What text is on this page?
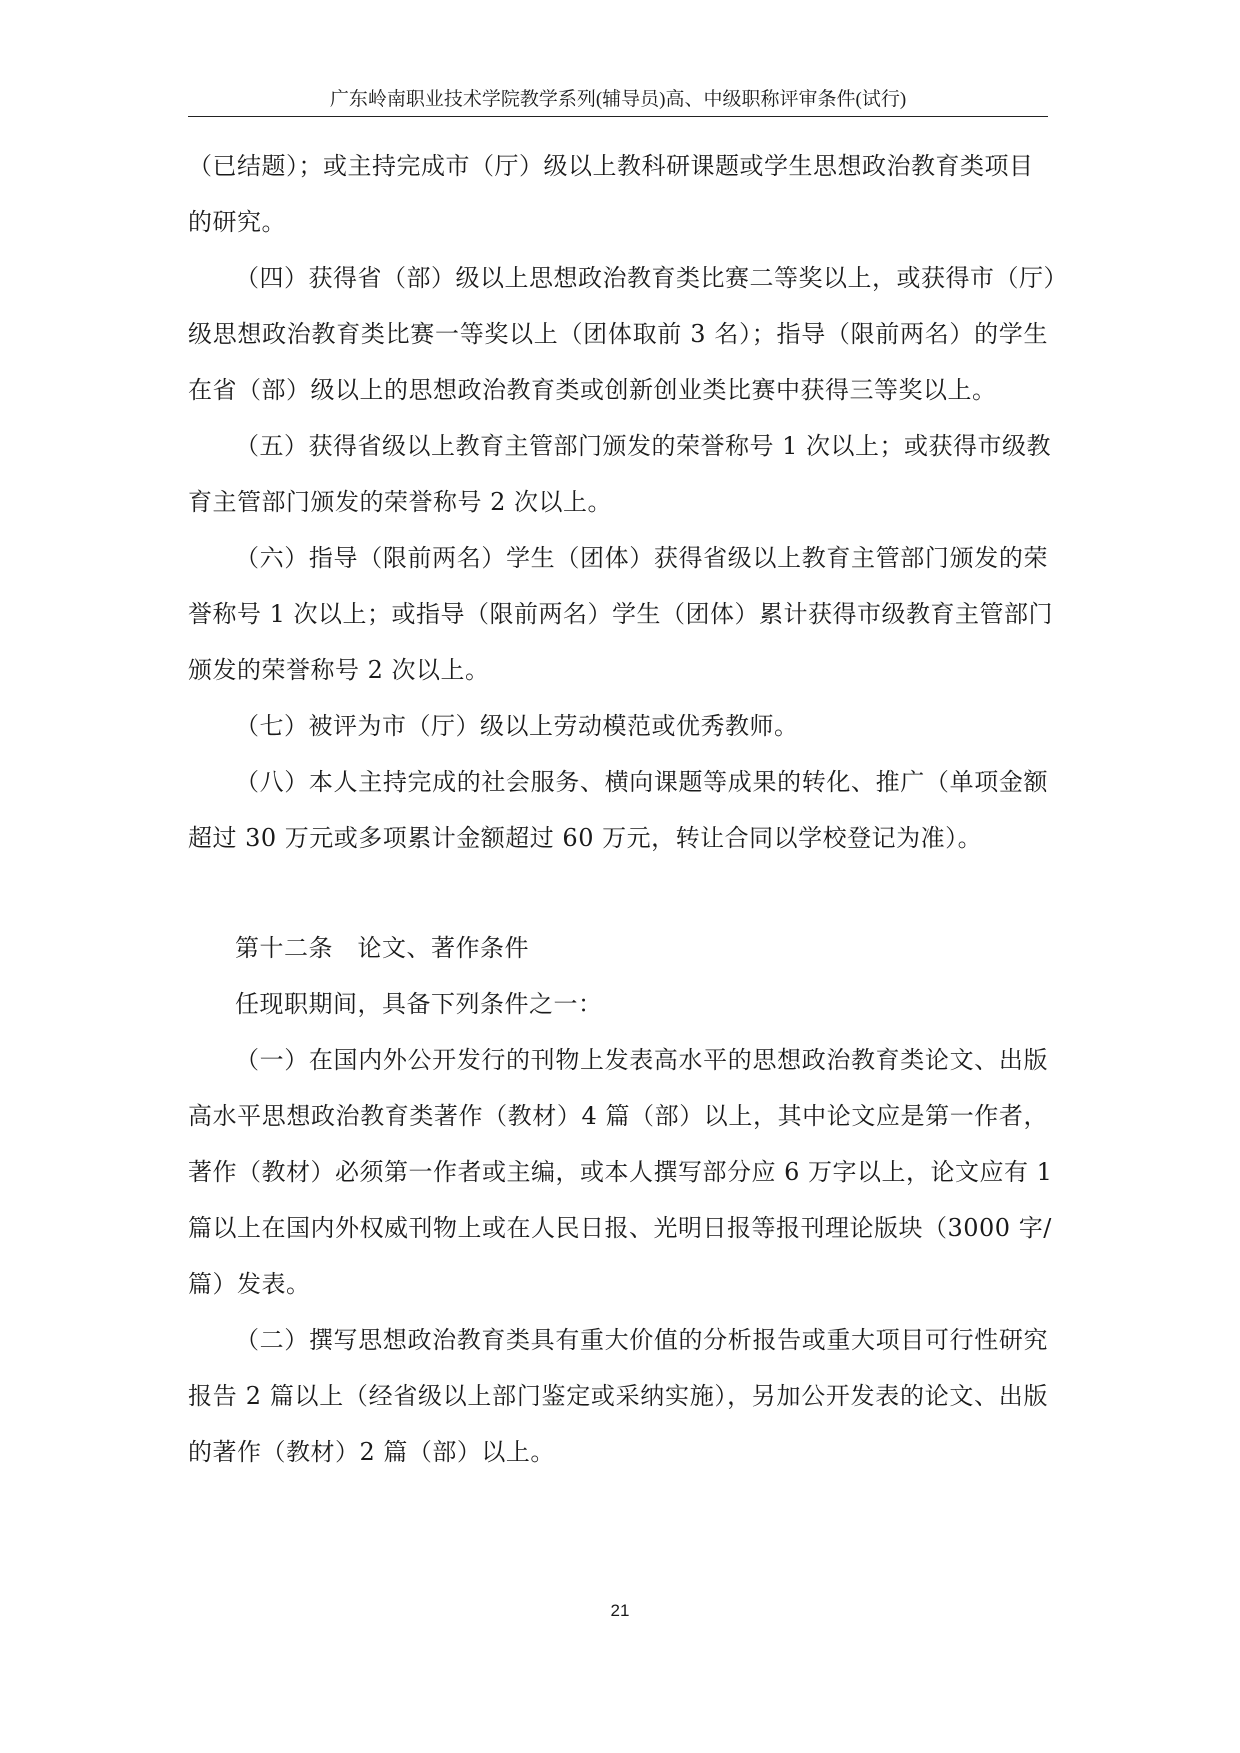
广东岭南职业技术学院教学系列(辅导员)高、中级职称评审条件(试行)
（已结题）；或主持完成市（厅）级以上教科研课题或学生思想政治教育类项目
的研究。
（四）获得省（部）级以上思想政治教育类比赛二等奖以上，或获得市（厅）
级思想政治教育类比赛一等奖以上（团体取前 3 名）；指导（限前两名）的学生
在省（部）级以上的思想政治教育类或创新创业类比赛中获得三等奖以上。
（五）获得省级以上教育主管部门颁发的荣誉称号 1 次以上；或获得市级教
育主管部门颁发的荣誉称号 2 次以上。
（六）指导（限前两名）学生（团体）获得省级以上教育主管部门颁发的荣
誉称号 1 次以上；或指导（限前两名）学生（团体）累计获得市级教育主管部门
颁发的荣誉称号 2 次以上。
（七）被评为市（厅）级以上劳动模范或优秀教师。
（八）本人主持完成的社会服务、横向课题等成果的转化、推广（单项金额
超过 30 万元或多项累计金额超过 60 万元，转让合同以学校登记为准）。
第十二条　论文、著作条件
任现职期间，具备下列条件之一：
（一）在国内外公开发行的刊物上发表高水平的思想政治教育类论文、出版
高水平思想政治教育类著作（教材）4 篇（部）以上，其中论文应是第一作者，
著作（教材）必须第一作者或主编，或本人撰写部分应 6 万字以上，论文应有 1
篇以上在国内外权威刊物上或在人民日报、光明日报等报刊理论版块（3000 字/
篇）发表。
（二）撰写思想政治教育类具有重大价值的分析报告或重大项目可行性研究
报告 2 篇以上（经省级以上部门鉴定或采纳实施），另加公开发表的论文、出版
的著作（教材）2 篇（部）以上。
21
